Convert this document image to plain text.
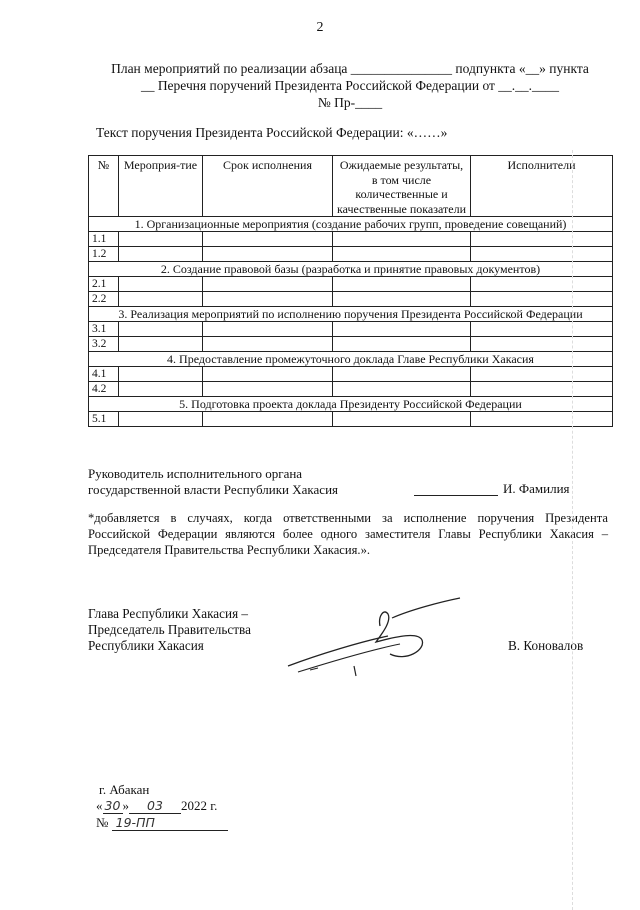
2
План мероприятий по реализации абзаца _______________ подпункта «__» пункта
__ Перечня поручений Президента Российской Федерации от __.__.____
№ Пр-____
Текст поручения Президента Российской Федерации: «……»
№	Мероприя-тие	Срок исполнения	Ожидаемые результаты, в том числе количественные и качественные показатели	Исполнители
1. Организационные мероприятия (создание рабочих групп, проведение совещаний)				
1.1				
1.2				
2. Создание правовой базы (разработка и принятие правовых документов)				
2.1				
2.2				
3. Реализация мероприятий по исполнению поручения Президента Российской Федерации				
3.1				
3.2				
4. Предоставление промежуточного доклада Главе Республики Хакасия				
4.1				
4.2				
5. Подготовка проекта доклада Президенту Российской Федерации				
5.1				
Руководитель исполнительного органа
государственной власти Республики Хакасия	И. Фамилия
*добавляется в случаях, когда ответственными за исполнение поручения Президента Российской Федерации являются более одного заместителя Главы Республики Хакасия – Председателя Правительства Республики Хакасия.».
Глава Республики Хакасия –
Председатель Правительства
Республики Хакасия	В. Коновалов
г. Абакан
« 30 » 03 2022 г.
№ 19-ПП
